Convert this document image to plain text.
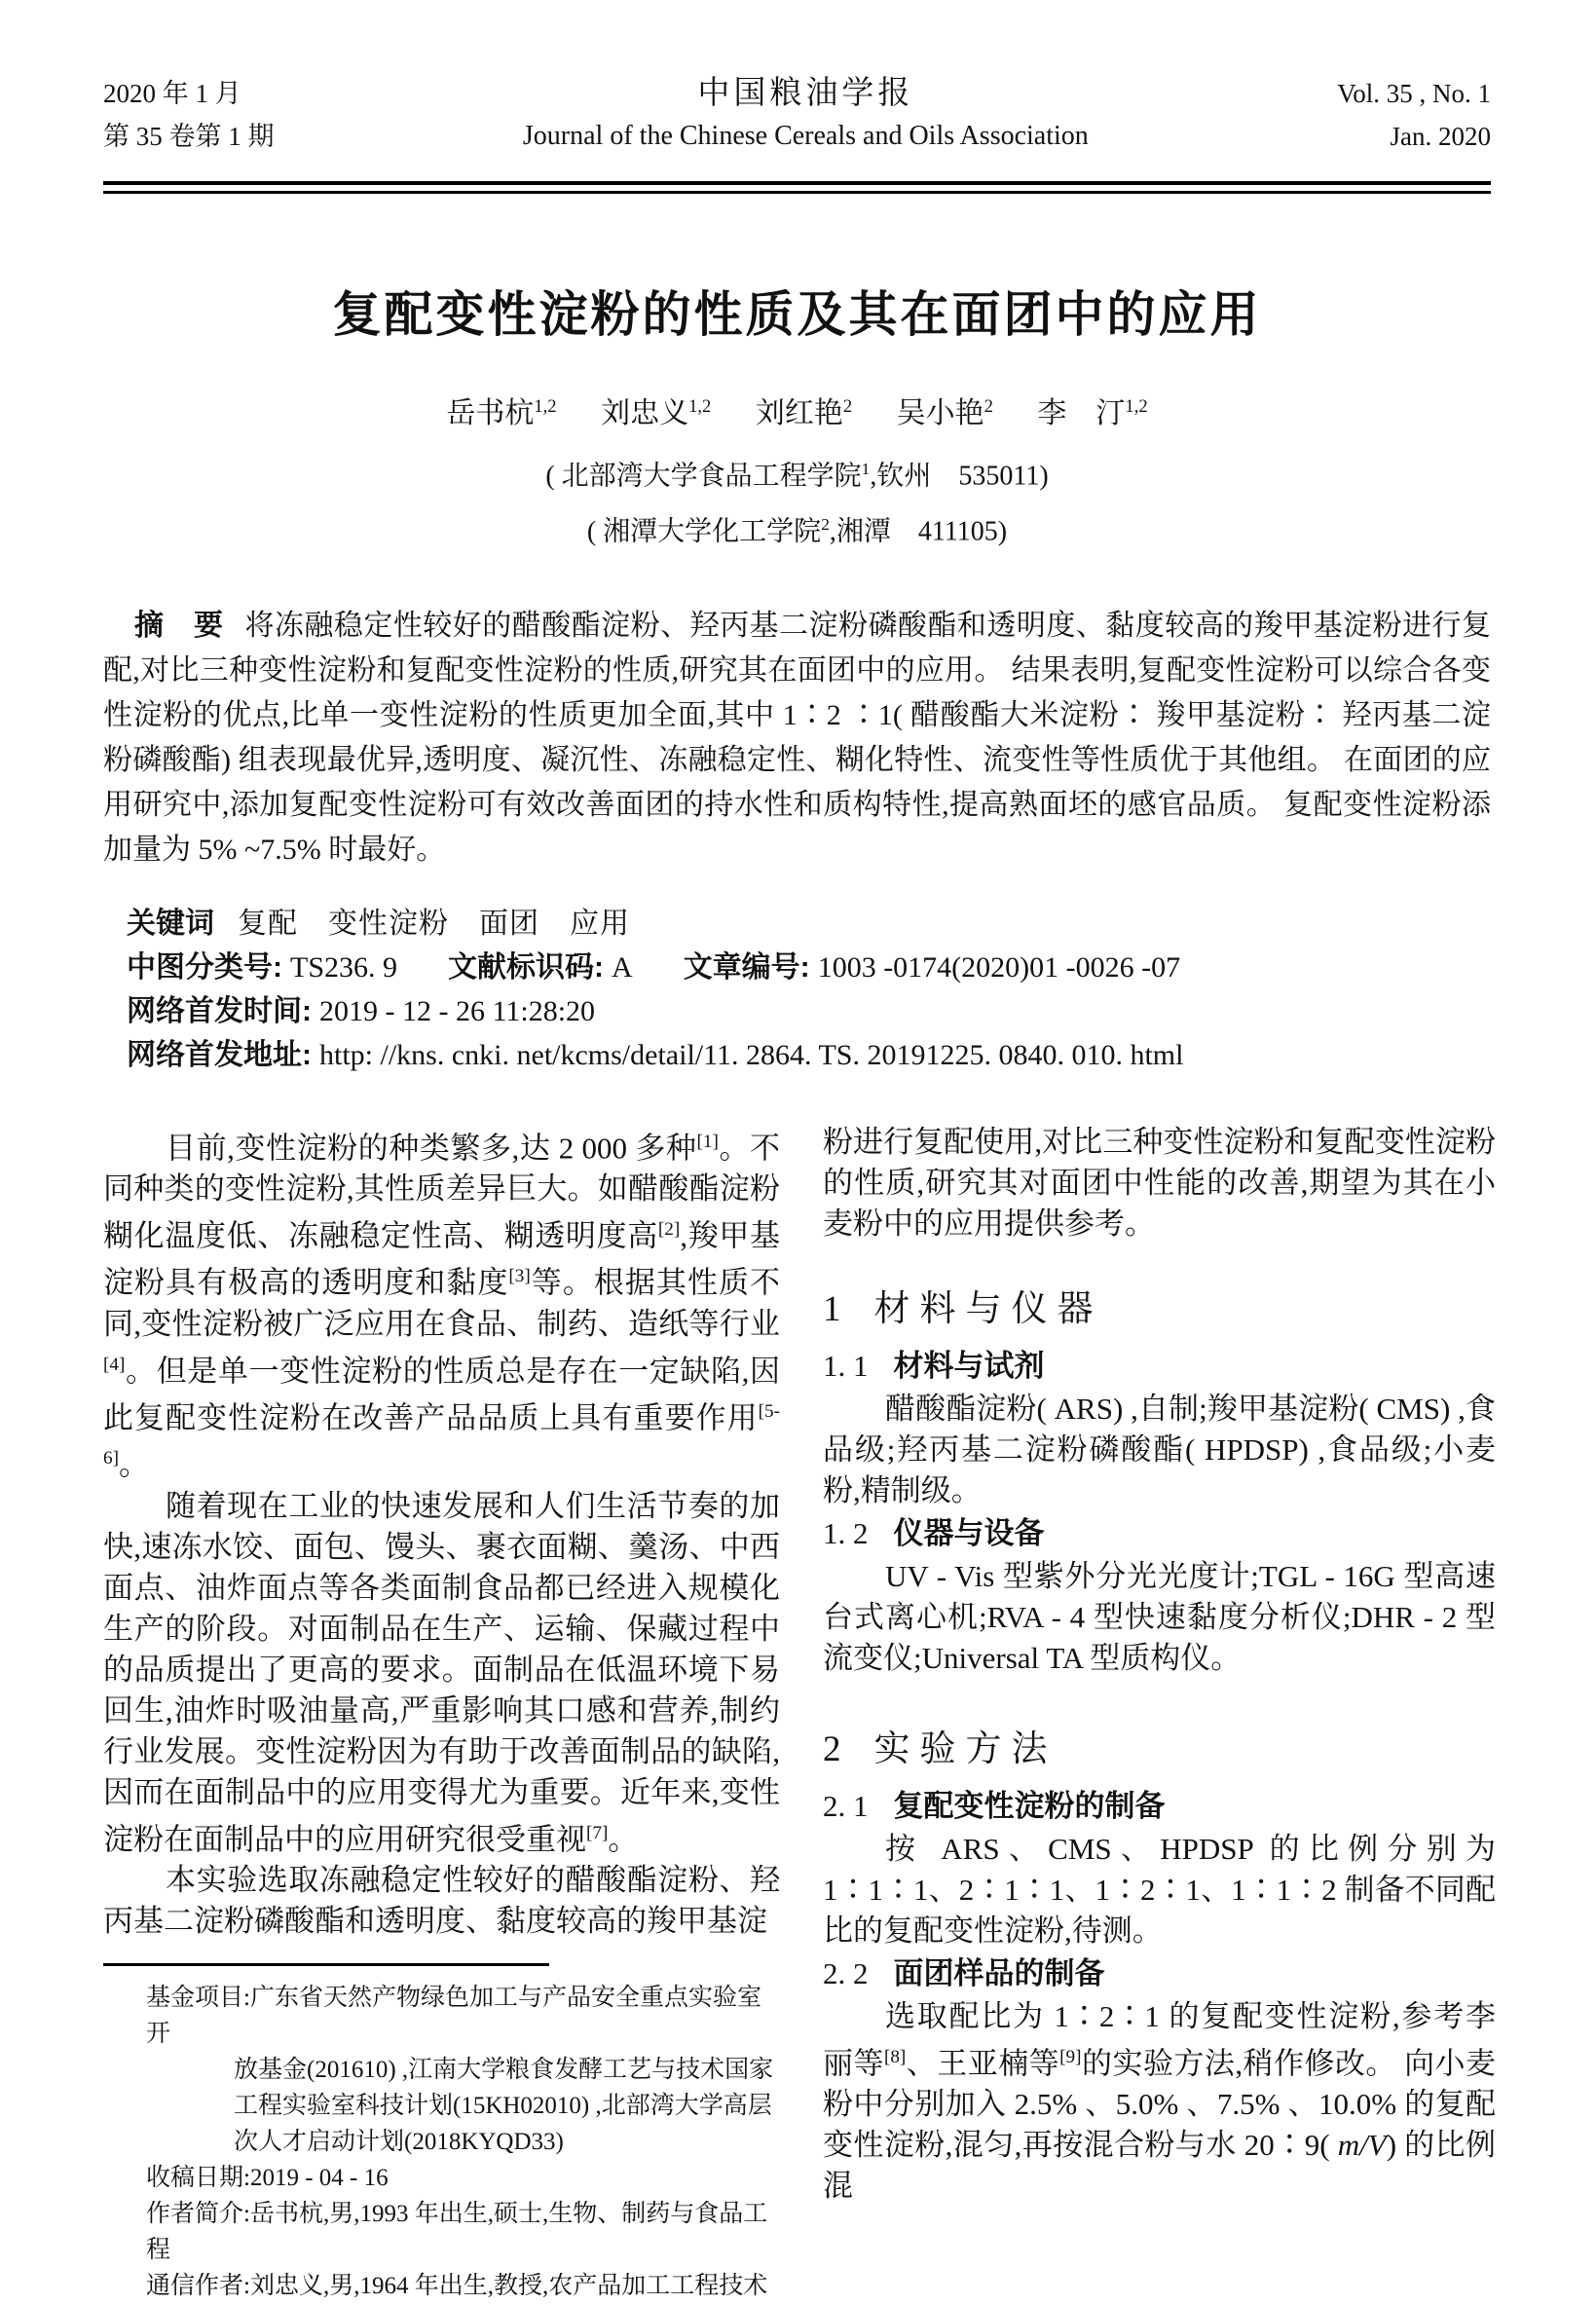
2020 年 1 月
第 35 卷第 1 期
中国粮油学报
Journal of the Chinese Cereals and Oils Association
Vol. 35 , No. 1
Jan. 2020
复配变性淀粉的性质及其在面团中的应用
岳书杭$^{1,2}$ 刘忠义$^{1,2}$ 刘红艳$^2$ 吴小艳$^2$ 李　汀$^{1,2}$
( 北部湾大学食品工程学院$^1$,钦州　535011)
( 湘潭大学化工学院$^2$,湘潭　411105)

摘　要 将冻融稳定性较好的醋酸酯淀粉、羟丙基二淀粉磷酸酯和透明度、黏度较高的羧甲基淀粉进行复配,对比三种变性淀粉和复配变性淀粉的性质,研究其在面团中的应用。 结果表明,复配变性淀粉可以综合各变性淀粉的优点,比单一变性淀粉的性质更加全面,其中 1∶2 ∶1( 醋酸酯大米淀粉∶ 羧甲基淀粉∶ 羟丙基二淀粉磷酸酯) 组表现最优异,透明度、凝沉性、冻融稳定性、糊化特性、流变性等性质优于其他组。 在面团的应用研究中,添加复配变性淀粉可有效改善面团的持水性和质构特性,提高熟面坯的感官品质。 复配变性淀粉添加量为 5% ~7.5% 时最好。

关键词 复配　变性淀粉　面团　应用
中图分类号: TS236. 9 文献标识码: A 文章编号: 1003 -0174(2020)01 -0026 -07
网络首发时间: 2019 - 12 - 26 11:28:20
网络首发地址: http: //kns. cnki. net/kcms/detail/11. 2864. TS. 20191225. 0840. 010. html

目前,变性淀粉的种类繁多,达 2 000 多种[1]。不同种类的变性淀粉,其性质差异巨大。如醋酸酯淀粉糊化温度低、冻融稳定性高、糊透明度高[2],羧甲基淀粉具有极高的透明度和黏度[3]等。根据其性质不同,变性淀粉被广泛应用在食品、制药、造纸等行业[4]。但是单一变性淀粉的性质总是存在一定缺陷,因此复配变性淀粉在改善产品品质上具有重要作用[5-6]。

随着现在工业的快速发展和人们生活节奏的加快,速冻水饺、面包、馒头、裹衣面糊、羹汤、中西面点、油炸面点等各类面制食品都已经进入规模化生产的阶段。对面制品在生产、运输、保藏过程中的品质提出了更高的要求。面制品在低温环境下易回生,油炸时吸油量高,严重影响其口感和营养,制约行业发展。变性淀粉因为有助于改善面制品的缺陷,因而在面制品中的应用变得尤为重要。近年来,变性淀粉在面制品中的应用研究很受重视[7]。

本实验选取冻融稳定性较好的醋酸酯淀粉、羟丙基二淀粉磷酸酯和透明度、黏度较高的羧甲基淀

基金项目:广东省天然产物绿色加工与产品安全重点实验室开
放基金(201610) ,江南大学粮食发酵工艺与技术国家
工程实验室科技计划(15KH02010) ,北部湾大学高层
次人才启动计划(2018KYQD33)
收稿日期:2019 - 04 - 16
作者简介:岳书杭,男,1993 年出生,硕士,生物、制药与食品工程
通信作者:刘忠义,男,1964 年出生,教授,农产品加工工程技术

粉进行复配使用,对比三种变性淀粉和复配变性淀粉的性质,研究其对面团中性能的改善,期望为其在小麦粉中的应用提供参考。

1 材料与仪器
1. 1 材料与试剂

醋酸酯淀粉( ARS) ,自制;羧甲基淀粉( CMS) ,食品级;羟丙基二淀粉磷酸酯( HPDSP) ,食品级;小麦粉,精制级。

1. 2 仪器与设备

UV - Vis 型紫外分光光度计;TGL - 16G 型高速台式离心机;RVA - 4 型快速黏度分析仪;DHR - 2 型流变仪;Universal TA 型质构仪。

2 实验方法
2. 1 复配变性淀粉的制备

按 ARS、CMS、HPDSP 的比例分别为 1∶1∶1、2∶1∶1、1∶2∶1、1∶1∶2 制备不同配比的复配变性淀粉,待测。

2. 2 面团样品的制备

选取配比为 1∶2∶1 的复配变性淀粉,参考李丽等[8]、王亚楠等[9]的实验方法,稍作修改。 向小麦粉中分别加入 2.5% 、5.0% 、7.5% 、10.0% 的复配变性淀粉,混匀,再按混合粉与水 20∶9( m/V) 的比例混
